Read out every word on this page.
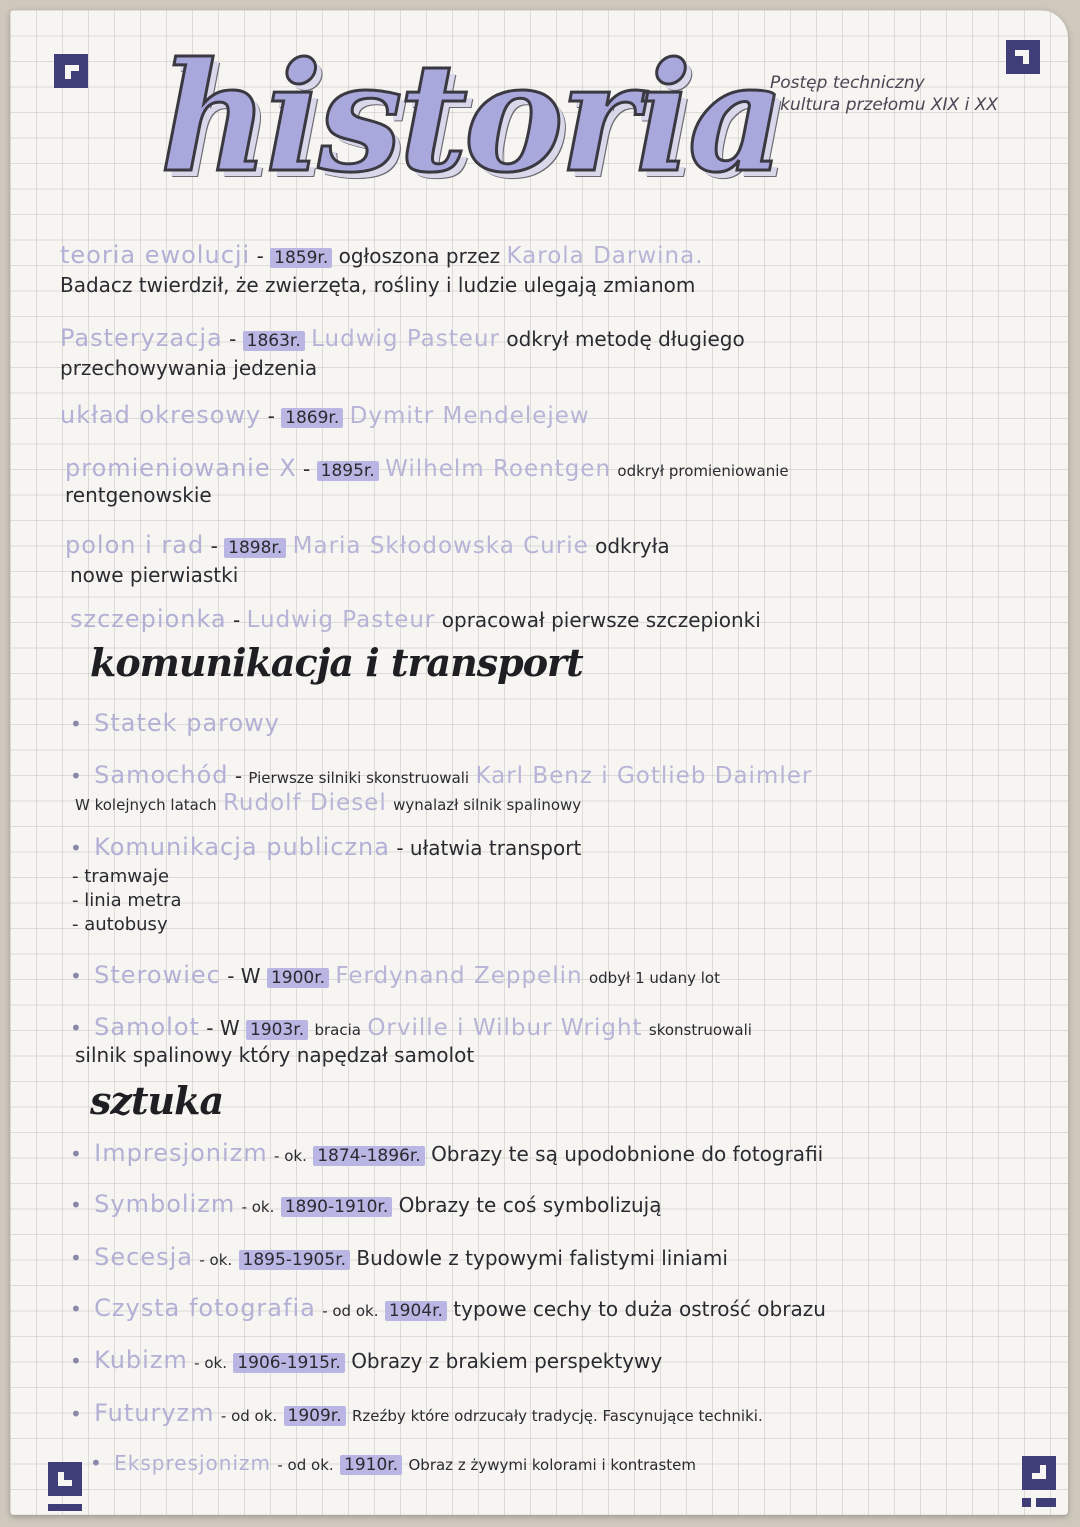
historia
Postęp techniczny
i kultura przełomu XIX i XX
teoria ewolucji - 1859r. ogłoszona przez Karola Darwina.
Badacz twierdził, że zwierzęta, rośliny i ludzie ulegają zmianom
Pasteryzacja - 1863r. Ludwig Pasteur odkrył metodę długiego
przechowywania jedzenia
układ okresowy - 1869r. Dymitr Mendelejew
promieniowanie X - 1895r. Wilhelm Roentgen odkrył promieniowanie
rentgenowskie
polon i rad - 1898r. Maria Skłodowska Curie odkryła
nowe pierwiastki
szczepionka - Ludwig Pasteur opracował pierwsze szczepionki
komunikacja i transport
• Statek parowy
• Samochód - Pierwsze silniki skonstruowali Karl Benz i Gotlieb Daimler
W kolejnych latach Rudolf Diesel wynalazł silnik spalinowy
• Komunikacja publiczna - ułatwia transport
- tramwaje
- linia metra
- autobusy
• Sterowiec - W 1900r. Ferdynand Zeppelin odbył 1 udany lot
• Samolot - W 1903r. bracia Orville i Wilbur Wright skonstruowali
silnik spalinowy który napędzał samolot
sztuka
• Impresjonizm - ok. 1874-1896r. Obrazy te są upodobnione do fotografii
• Symbolizm - ok. 1890-1910r. Obrazy te coś symbolizują
• Secesja - ok. 1895-1905r. Budowle z typowymi falistymi liniami
• Czysta fotografia - od ok. 1904r. typowe cechy to duża ostrość obrazu
• Kubizm - ok. 1906-1915r. Obrazy z brakiem perspektywy
• Futuryzm - od ok. 1909r. Rzeźby które odrzucały tradycję. Fascynujące techniki.
• Ekspresjonizm - od ok. 1910r. Obraz z żywymi kolorami i kontrastem
